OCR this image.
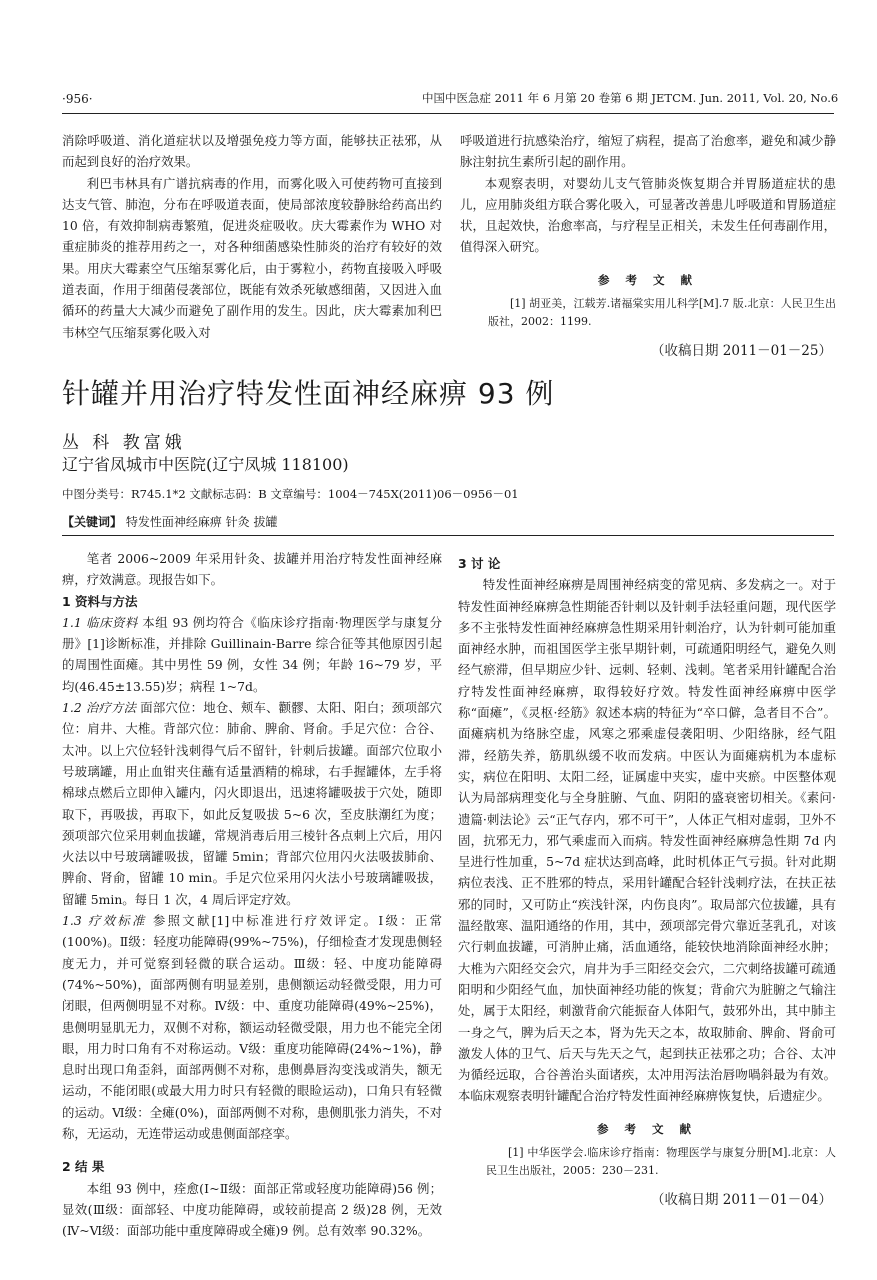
·956·	中国中医急症 2011 年 6 月第 20 卷第 6 期 JETCM. Jun. 2011, Vol. 20, No.6

消除呼吸道、消化道症状以及增强免疫力等方面，能够扶正祛邪，从而起到良好的治疗效果。

利巴韦林具有广谱抗病毒的作用，而雾化吸入可使药物可直接到达支气管、肺泡，分布在呼吸道表面，使局部浓度较静脉给药高出约 10 倍，有效抑制病毒繁殖，促进炎症吸收。庆大霉素作为 WHO 对重症肺炎的推荐用药之一，对各种细菌感染性肺炎的治疗有较好的效果。用庆大霉素空气压缩泵雾化后，由于雾粒小，药物直接吸入呼吸道表面，作用于细菌侵袭部位，既能有效杀死敏感细菌，又因进入血循环的药量大大减少而避免了副作用的发生。因此，庆大霉素加利巴韦林空气压缩泵雾化吸入对

呼吸道进行抗感染治疗，缩短了病程，提高了治愈率，避免和减少静脉注射抗生素所引起的副作用。

本观察表明，对婴幼儿支气管肺炎恢复期合并胃肠道症状的患儿，应用肺炎组方联合雾化吸入，可显著改善患儿呼吸道和胃肠道症状，且起效快，治愈率高，与疗程呈正相关，未发生任何毒副作用，值得深入研究。

参 考 文 献

[1] 胡亚美，江载芳.诸福棠实用儿科学[M].7 版.北京：人民卫生出版社，2002：1199.

（收稿日期 2011－01－25）
针罐并用治疗特发性面神经麻痹 93 例
丛 科 教富娥
辽宁省凤城市中医院(辽宁凤城 118100)
中图分类号：R745.1*2 文献标志码：B 文章编号：1004－745X(2011)06－0956－01
【关键词】 特发性面神经麻痹 针灸 拔罐

笔者 2006~2009 年采用针灸、拔罐并用治疗特发性面神经麻痹，疗效满意。现报告如下。

1 资料与方法

1.1 临床资料 本组 93 例均符合《临床诊疗指南·物理医学与康复分册》[1]诊断标准，并排除 Guillinain-Barre 综合征等其他原因引起的周围性面瘫。其中男性 59 例，女性 34 例；年龄 16~79 岁，平均(46.45±13.55)岁；病程 1~7d。

1.2 治疗方法 面部穴位：地仓、颊车、颧髎、太阳、阳白；颈项部穴位：肩井、大椎。背部穴位：肺俞、脾俞、肾俞。手足穴位：合谷、太冲。以上穴位轻针浅刺得气后不留针，针刺后拔罐。面部穴位取小号玻璃罐，用止血钳夹住蘸有适量酒精的棉球，右手握罐体，左手将棉球点燃后立即伸入罐内，闪火即退出，迅速将罐吸拔于穴处，随即取下，再吸拔，再取下，如此反复吸拔 5~6 次，至皮肤潮红为度；颈项部穴位采用刺血拔罐，常规消毒后用三棱针各点刺上穴后，用闪火法以中号玻璃罐吸拔，留罐 5min；背部穴位用闪火法吸拔肺俞、脾俞、肾俞，留罐 10 min。手足穴位采用闪火法小号玻璃罐吸拔，留罐 5min。每日 1 次，4 周后评定疗效。

1.3 疗效标准 参照文献[1]中标准进行疗效评定。Ⅰ级：正常(100%)。Ⅱ级：轻度功能障碍(99%~75%)，仔细检查才发现患侧轻度无力，并可觉察到轻微的联合运动。Ⅲ级：轻、中度功能障碍(74%~50%)，面部两侧有明显差别，患侧额运动轻微受限，用力可闭眼，但两侧明显不对称。Ⅳ级：中、重度功能障碍(49%~25%)，患侧明显肌无力，双侧不对称，额运动轻微受限，用力也不能完全闭眼，用力时口角有不对称运动。Ⅴ级：重度功能障碍(24%~1%)，静息时出现口角歪斜，面部两侧不对称，患侧鼻唇沟变浅或消失，额无运动，不能闭眼(或最大用力时只有轻微的眼睑运动)，口角只有轻微的运动。Ⅵ级：全瘫(0%)，面部两侧不对称，患侧肌张力消失，不对称，无运动，无连带运动或患侧面部痉挛。

2 结 果

本组 93 例中，痊愈(Ⅰ~Ⅱ级：面部正常或轻度功能障碍)56 例；显效(Ⅲ级：面部轻、中度功能障碍，或较前提高 2 级)28 例，无效(Ⅳ~Ⅵ级：面部功能中重度障碍或全瘫)9 例。总有效率 90.32%。

3 讨 论

特发性面神经麻痹是周围神经病变的常见病、多发病之一。对于特发性面神经麻痹急性期能否针刺以及针刺手法轻重问题，现代医学多不主张特发性面神经麻痹急性期采用针刺治疗，认为针刺可能加重面神经水肿，而祖国医学主张早期针刺，可疏通阳明经气，避免久则经气瘀滞，但早期应少针、远刺、轻刺、浅刺。笔者采用针罐配合治疗特发性面神经麻痹，取得较好疗效。特发性面神经麻痹中医学称“面瘫”，《灵枢·经筋》叙述本病的特征为“卒口僻，急者目不合”。面瘫病机为络脉空虚，风寒之邪乘虚侵袭阳明、少阳络脉，经气阻滞，经筋失养，筋肌纵缓不收而发病。中医认为面瘫病机为本虚标实，病位在阳明、太阳二经，证属虚中夹实，虚中夹瘀。中医整体观认为局部病理变化与全身脏腑、气血、阴阳的盛衰密切相关。《素问·遗篇·刺法论》云“正气存内，邪不可干”，人体正气相对虚弱，卫外不固，抗邪无力，邪气乘虚而入而病。特发性面神经麻痹急性期 7d 内呈进行性加重，5~7d 症状达到高峰，此时机体正气亏损。针对此期病位表浅、正不胜邪的特点，采用针罐配合轻针浅刺疗法，在扶正祛邪的同时，又可防止“疾浅针深，内伤良肉”。取局部穴位拔罐，具有温经散寒、温阳通络的作用，其中，颈项部完骨穴靠近茎乳孔，对该穴行刺血拔罐，可消肿止痛，活血通络，能较快地消除面神经水肿；大椎为六阳经交会穴，肩井为手三阳经交会穴，二穴刺络拔罐可疏通阳明和少阳经气血，加快面神经功能的恢复；背俞穴为脏腑之气输注处，属于太阳经，刺激背俞穴能振奋人体阳气，鼓邪外出，其中肺主一身之气，脾为后天之本，肾为先天之本，故取肺俞、脾俞、肾俞可激发人体的卫气、后天与先天之气，起到扶正祛邪之功；合谷、太冲为循经远取，合谷善治头面诸疾，太冲用泻法治唇吻喎斜最为有效。本临床观察表明针罐配合治疗特发性面神经麻痹恢复快，后遗症少。

参 考 文 献

[1] 中华医学会.临床诊疗指南：物理医学与康复分册[M].北京：人民卫生出版社，2005：230－231.

（收稿日期 2011－01－04）
